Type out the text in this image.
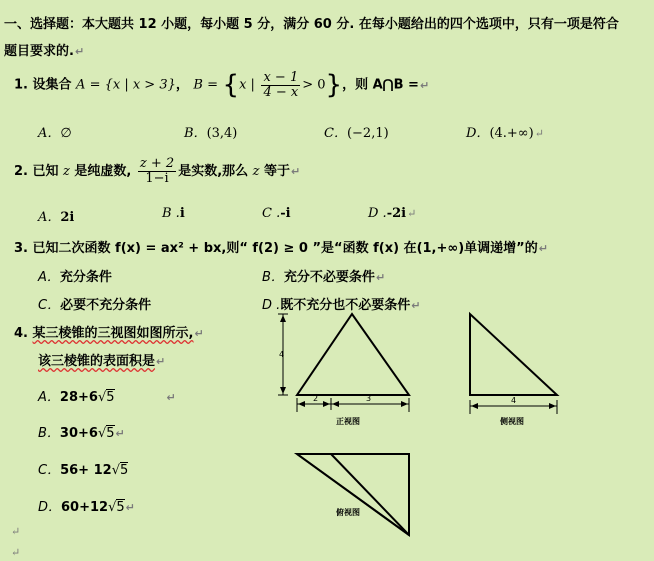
一、选择题：本大题共 12 小题，每小题 5 分，满分 60 分. 在每小题给出的四个选项中，只有一项是符合
题目要求的.↵
1. 设集合 A = {x | x > 3}， B = {x | $\frac{x - 1}{4 - x} > 0$}，则 A⋂B =↵
A．∅	B．(3,4)	C．(−2,1)	D．(4.+∞)↵
2. 已知 z 是纯虚数, $\frac{z + 2}{1-i}$ 是实数,那么 z 等于↵
A．2i	B .i	C .-i	D .-2i↵
3. 已知二次函数 f(x) = ax² + bx,则“ f(2) ≥ 0 ”是“函数 f(x) 在(1,+∞)单调递增”的↵
A．充分条件	B．充分不必要条件↵
C．必要不充分条件	D .既不充分也不必要条件↵
4. 某三棱锥的三视图如图所示,↵
该三棱锥的表面积是↵
A．28+6√5	↵
B．30+6√5↵
C．56+ 12√5
D．60+12√5↵
↵
↵
4
2	3
正视图
4
侧视图
俯视图
